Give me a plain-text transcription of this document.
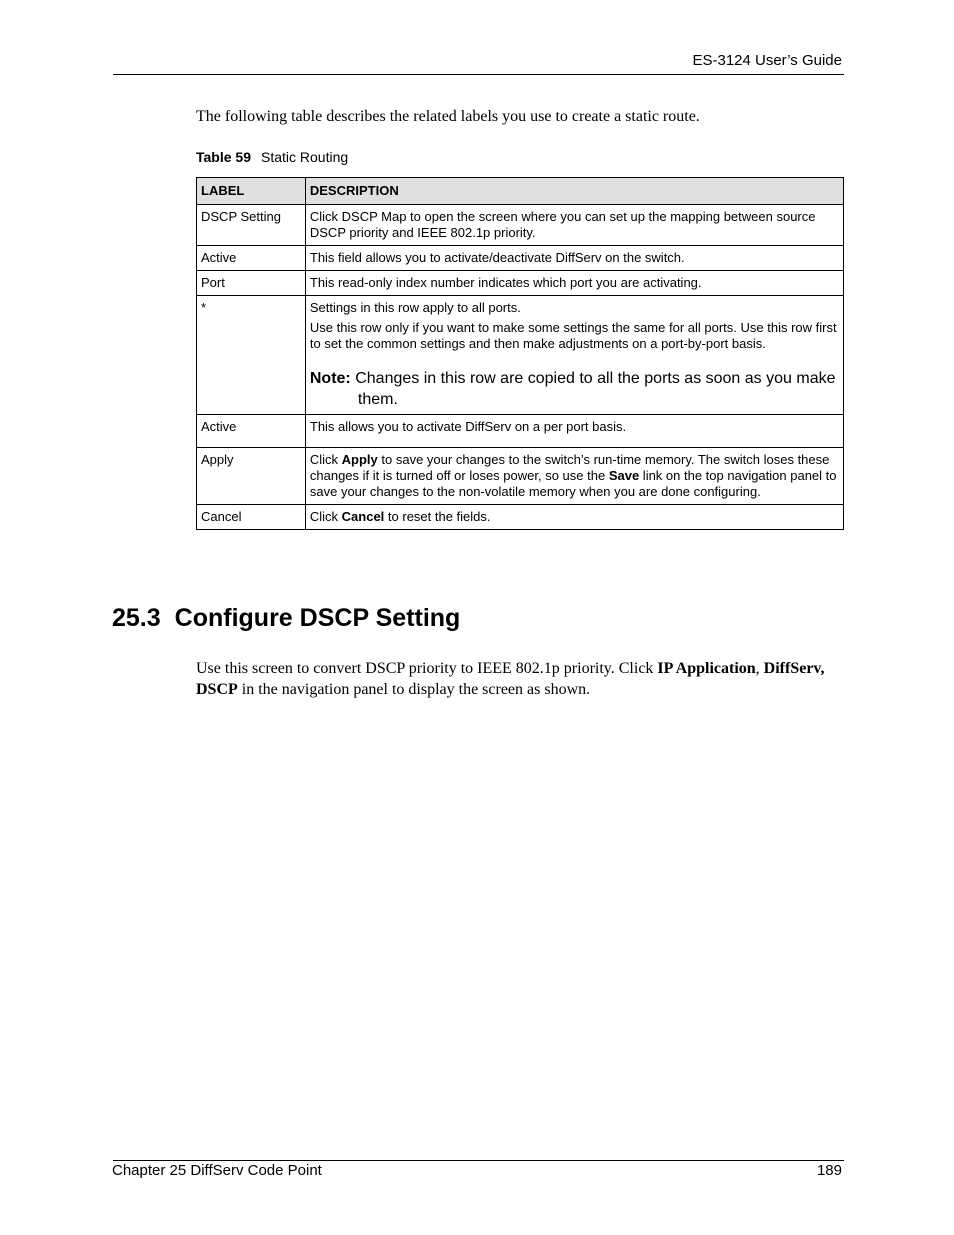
ES-3124 User’s Guide

The following table describes the related labels you use to create a static route.

Table 59 Static Routing
LABEL	DESCRIPTION
DSCP Setting	Click DSCP Map to open the screen where you can set up the mapping between source DSCP priority and IEEE 802.1p priority.
Active	This field allows you to activate/deactivate DiffServ on the switch.
Port	This read-only index number indicates which port you are activating.
*	Settings in this row apply to all ports.

Use this row only if you want to make some settings the same for all ports. Use this row first to set the common settings and then make adjustments on a port-by-port basis.

Note: Changes in this row are copied to all the ports as soon as you make them.

Active	This allows you to activate DiffServ on a per port basis.
Apply	Click Apply to save your changes to the switch’s run-time memory. The switch loses these changes if it is turned off or loses power, so use the Save link on the top navigation panel to save your changes to the non-volatile memory when you are done configuring.
Cancel	Click Cancel to reset the fields.
25.3 Configure DSCP Setting

Use this screen to convert DSCP priority to IEEE 802.1p priority. Click IP Application, DiffServ, DSCP in the navigation panel to display the screen as shown.

Chapter 25 DiffServ Code Point	189
